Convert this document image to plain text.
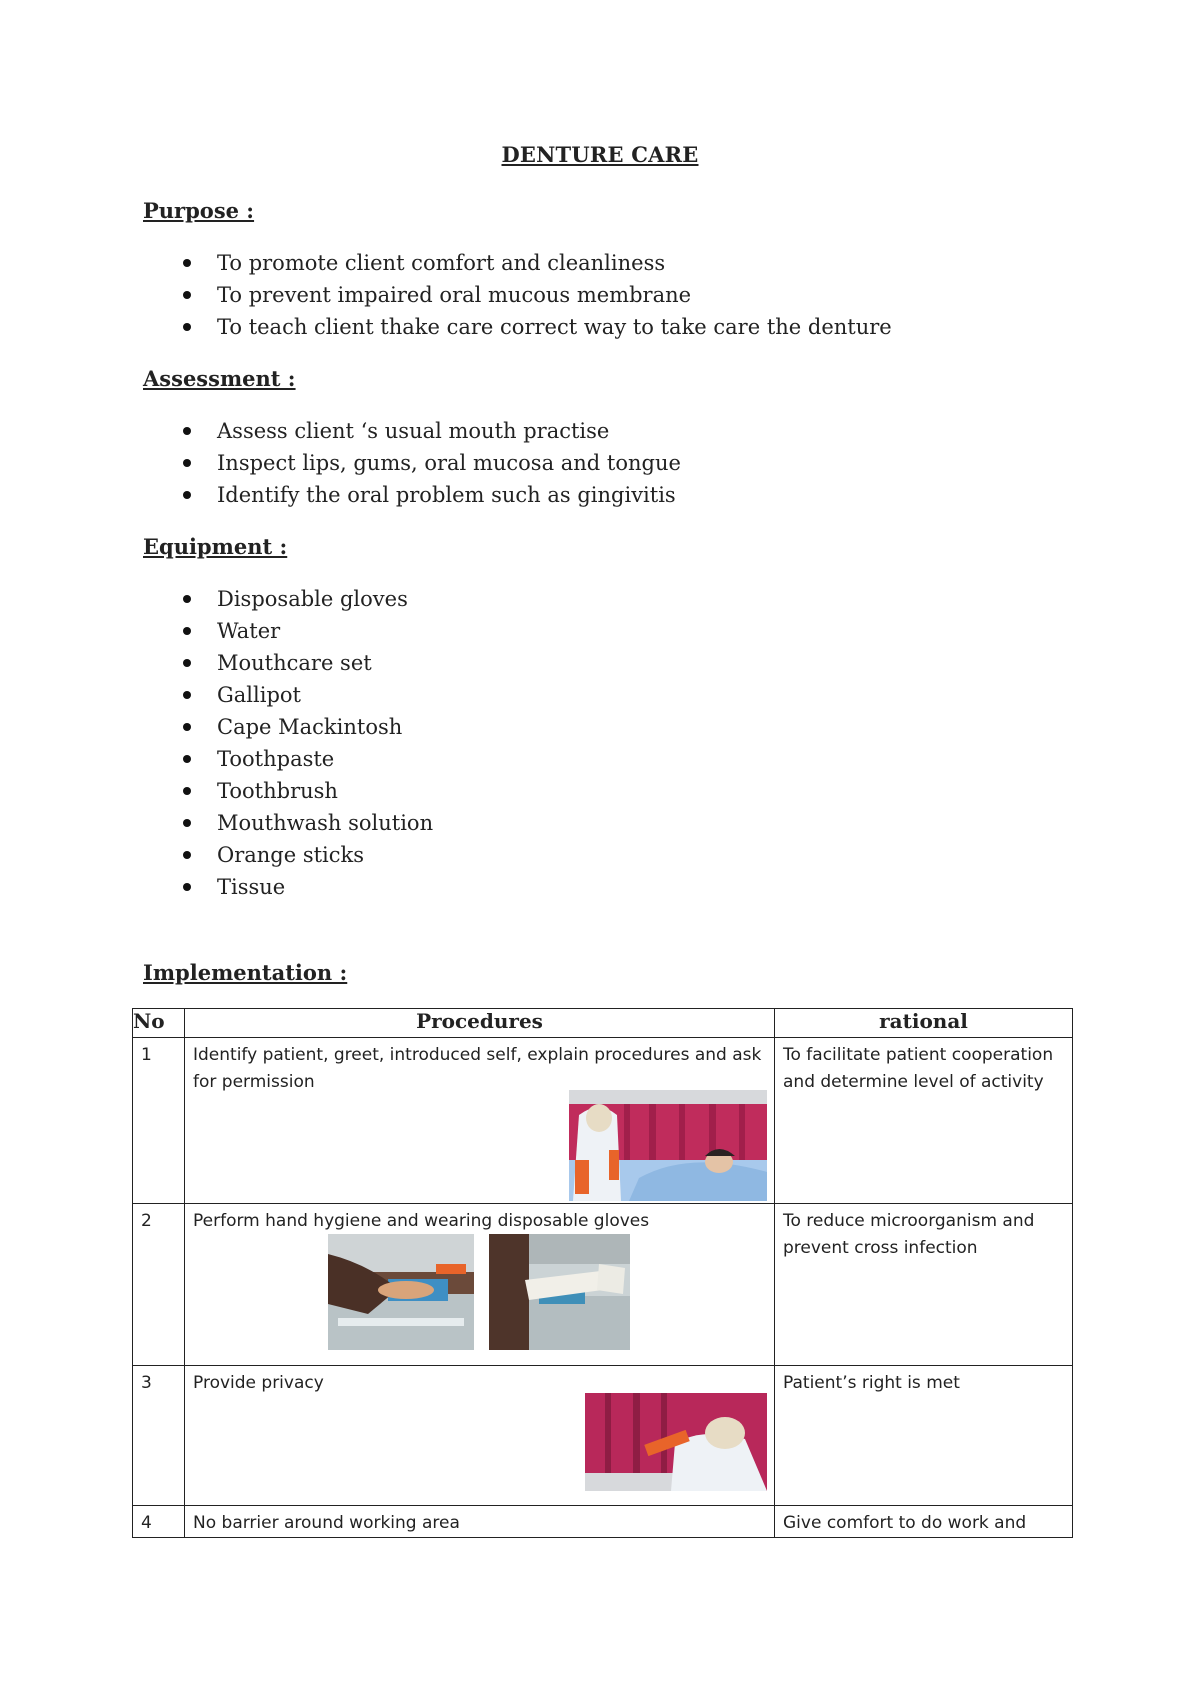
DENTURE CARE
Purpose :
To promote client comfort and cleanliness
To prevent impaired oral mucous membrane
To teach client thake care correct way to take care the denture
Assessment :
Assess client ‘s usual mouth practise
Inspect lips, gums, oral mucosa and tongue
Identify the oral problem such as gingivitis
Equipment :
Disposable gloves
Water
Mouthcare set
Gallipot
Cape Mackintosh
Toothpaste
Toothbrush
Mouthwash solution
Orange sticks
Tissue
Implementation :
No	Procedures	rational
1	Identify patient, greet, introduced self, explain procedures and ask for permission	To facilitate patient cooperation and determine level of activity
2	Perform hand hygiene and wearing disposable gloves	To reduce microorganism and prevent cross infection
3	Provide privacy	Patient’s right is met
4	No barrier around working area	Give comfort to do work and
